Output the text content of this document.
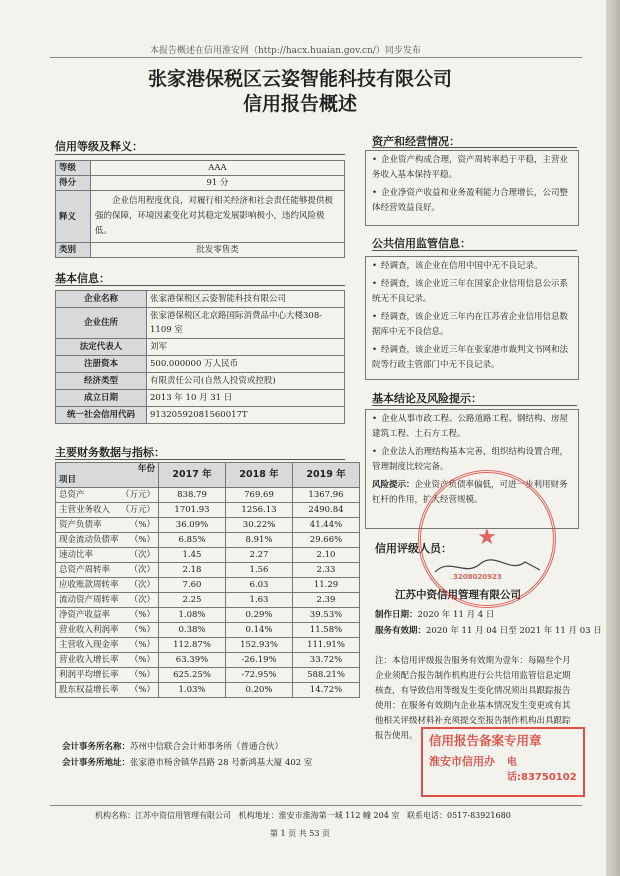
本报告概述在信用淮安网（http://hacx.huaian.gov.cn/）同步发布
张家港保税区云姿智能科技有限公司
信用报告概述
信用等级及释义：
等级	AAA
得分	91 分
释义	企业信用程度优良，对履行相关经济和社会责任能够提供极强的保障，环境因素变化对其稳定发展影响极小，违约风险极低。
类别	批发零售类
基本信息：
企业名称	张家港保税区云姿智能科技有限公司
企业住所	张家港保税区北京路国际消费品中心大楼308-1109 室
法定代表人	刘军
注册资本	500.000000 万人民币
经济类型	有限责任公司(自然人投资或控股)
成立日期	2013 年 10 月 31 日
统一社会信用代码	91320592081560017T
主要财务数据与指标：
年份
项目	2017 年	2018 年	2019 年
总资产 （万元）	838.79	769.69	1367.96
主营业务收入 （万元）	1701.93	1256.13	2490.84
资产负债率 （%）	36.09%	30.22%	41.44%
现金流动负债率 （%）	6.85%	8.91%	29.66%
速动比率 （次）	1.45	2.27	2.10
总资产周转率 （次）	2.18	1.56	2.33
应收账款周转率 （次）	7.60	6.03	11.29
流动资产周转率 （次）	2.25	1.63	2.39
净资产收益率 （%）	1.08%	0.29%	39.53%
营业收入利润率 （%）	0.38%	0.14%	11.58%
主营收入现金率 （%）	112.87%	152.93%	111.91%
营业收入增长率 （%）	63.39%	-26.19%	33.72%
利润平均增长率 （%）	625.25%	-72.95%	588.21%
股东权益增长率 （%）	1.03%	0.20%	14.72%
会计事务所名称：苏州中信联合会计师事务所（普通合伙）
会计事务所地址：张家港市杨舍镇华昌路 28 号新鸿基大厦 402 室
资产和经营情况：

• 企业资产构成合理，资产周转率趋于平稳，主营业务收入基本保持平稳。

• 企业净资产收益和业务盈利能力合理增长，公司整体经营效益良好。

公共信用监管信息：

• 经调查，该企业在信用中国中无不良记录。

• 经调查，该企业近三年在国家企业信用信息公示系统无不良记录。

• 经调查，该企业近三年内在江苏省企业信用信息数据库中无不良信息。

• 经调查，该企业近三年在张家港市裁判文书网和法院等行政主管部门中无不良记录。

基本结论及风险提示：

• 企业从事市政工程、公路道路工程、钢结构、房屋建筑工程、土石方工程。

• 企业法人治理结构基本完善，组织结构设置合理，管理制度比较完备。

风险提示：企业资产负债率偏低，可进一步利用财务杠杆的作用，扩大经营规模。

信用评级人员：
江苏中资信用管理有限公司
制作日期：2020 年 11 月 4 日
服务有效期：2020 年 11 月 04 日至 2021 年 11 月 03 日
注：本信用评级报告服务有效期为壹年：每隔叁个月企业须配合报告制作机构进行公共信用监管信息定期核查，有导致信用等级发生变化情况须出具跟踪报告使用：在服务有效期内企业基本情况发生变更或有其他相关评级材料补充须提交至报告制作机构出具跟踪报告使用。
★
3208020923
信用报告备案专用章
淮安市信用办 电话:83750102
机构名称：江苏中资信用管理有限公司 机构地址：淮安市淮海第一城 112 幢 204 室 联系电话：0517-83921680
第 1 页 共 53 页
